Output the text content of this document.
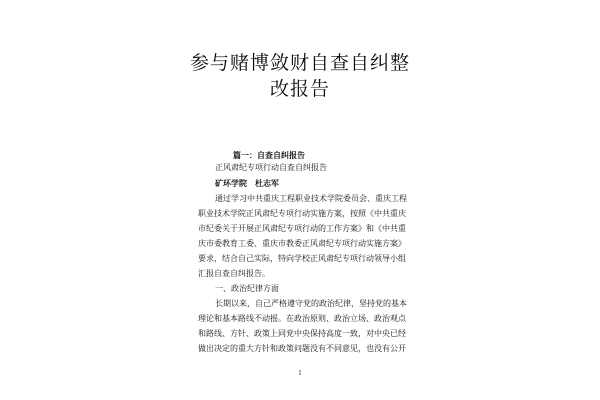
参与赌博敛财自查自纠整
改报告
篇一：自查自纠报告
正风肃纪专项行动自查自纠报告
矿环学院　杜志军
通过学习中共重庆工程职业技术学院委员会、重庆工程
职业技术学院正风肃纪专项行动实施方案，按照《中共重庆
市纪委关于开展正风肃纪专项行动的工作方案》和《中共重
庆市委教育工委、重庆市教委正风肃纪专项行动实施方案》
要求，结合自己实际，特向学校正风肃纪专项行动领导小组
汇报自查自纠报告。
一、政治纪律方面
长期以来，自己严格遵守党的政治纪律，坚持党的基本
理论和基本路线不动摇。在政治原则、政治立场、政治观点
和路线、方针、政策上同党中央保持高度一致，对中央已经
做出决定的重大方针和政策问题没有不同意见，也没有公开
1
